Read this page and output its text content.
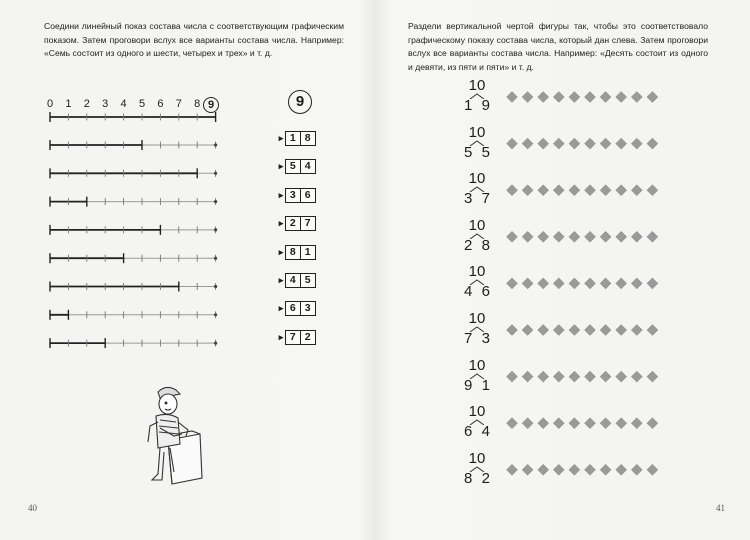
Соедини линейный показ состава числа с соответствующим графическим показом. Затем проговори вслух все варианты состава числа. Например: «Семь состоит из одного и шести, четырех и трех» и т. д.

0	1	2	3	4	5	6	7	8 9	9
▸ 1 8
▸ 5 4
▸ 3 6
▸ 2 7
▸ 8 1
▸ 4 5
▸ 6 3
▸ 7 2
40

Раздели вертикальной чертой фигуры так, чтобы это соответствовало графическому показу состава числа, который дан слева. Затем проговори вслух все варианты состава числа. Например: «Десять состоит из одного и девяти, из пяти и пяти» и т. д.

10
1 9
10
5 5
10
3 7
10
2 8
10
4 6
10
7 3
10
9 1
10
6 4
10
8 2
41
